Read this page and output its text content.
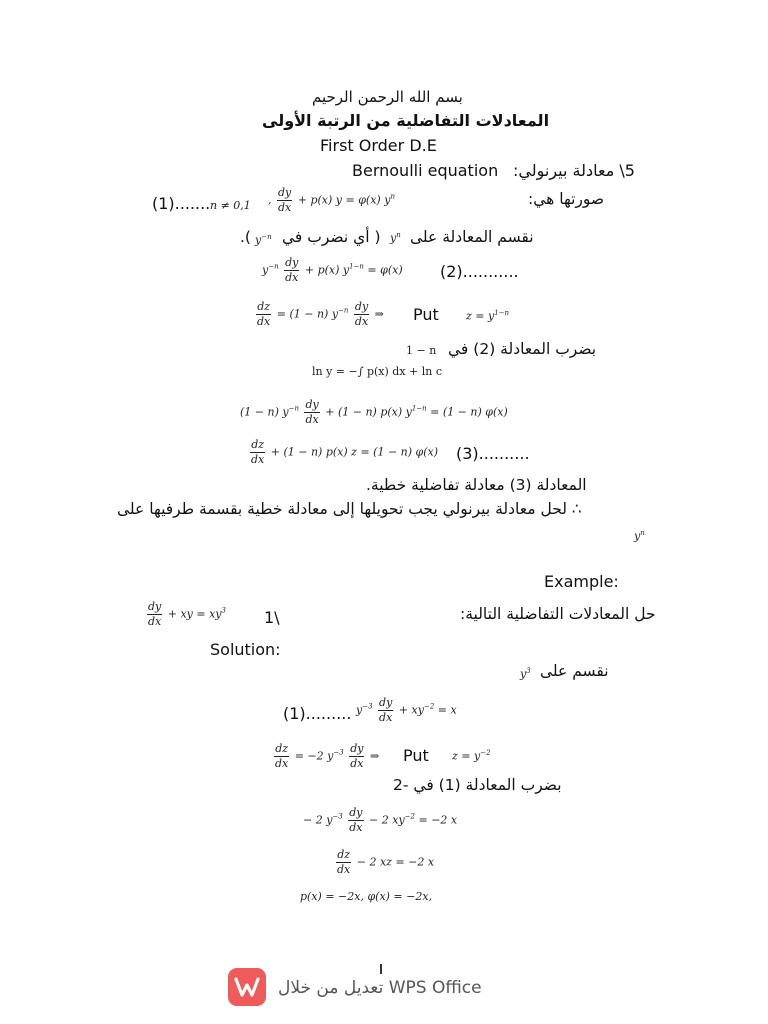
بسم الله الرحمن الرحيم
المعادلات التفاضلية من الرتبة الأولى
First Order D.E
Bernoulli equation 5\ معادلة بيرنولي:
(1)....... n ≠ 0,1 , $\frac{dy}{dx} + p(x) y = \varphi(x)$ $y^n$	صورتها هي:
نقسم المعادلة على
$y^n$
( أي نضرب في
$y^{-n}$
).
$y^{-n} \frac{dy}{dx} + p(x) y^{1-n} = \varphi(x)$ (2)...........
$\frac{dz}{dx} = (1 - n)$ $y^{-n} \frac{dy}{dx}$ ⇒ Put $z = y^{1-n}$
بضرب المعادلة (2) في
1 − n
ln y = −∫ p(x) dx + ln c
(1 − n) $y^{-n} \frac{dy}{dx} + (1 - n)$ p(x) $y^{1-n} = (1 - n)$ φ(x)
$\frac{dz}{dx} + (1 - n)$ p(x) z = (1 − n) φ(x) (3)..........
المعادلة (3) معادلة تفاضلية خطية.
∴ لحل معادلة بيرنولي يجب تحويلها إلى معادلة خطية بقسمة طرفيها على
$y^n$
Example:
$\frac{dy}{dx}$ + xy = $xy^3$ 1\	حل المعادلات التفاضلية التالية:
Solution:
نقسم على
$y^3$
(1)......... $y^{-3} \frac{dy}{dx} + xy^{-2} = x$
$\frac{dz}{dx} = -2$ $y^{-3} \frac{dy}{dx}$ ⇒ Put $z = y^{-2}$
بضرب المعادلة (1) في -2
− 2 $y^{-3} \frac{dy}{dx} - 2$ $xy^{-2} = -2$ x
$\frac{dz}{dx} - 2$ xz = −2 x
p(x) = −2x, φ(x) = −2x,
تعديل من خلال WPS Office
